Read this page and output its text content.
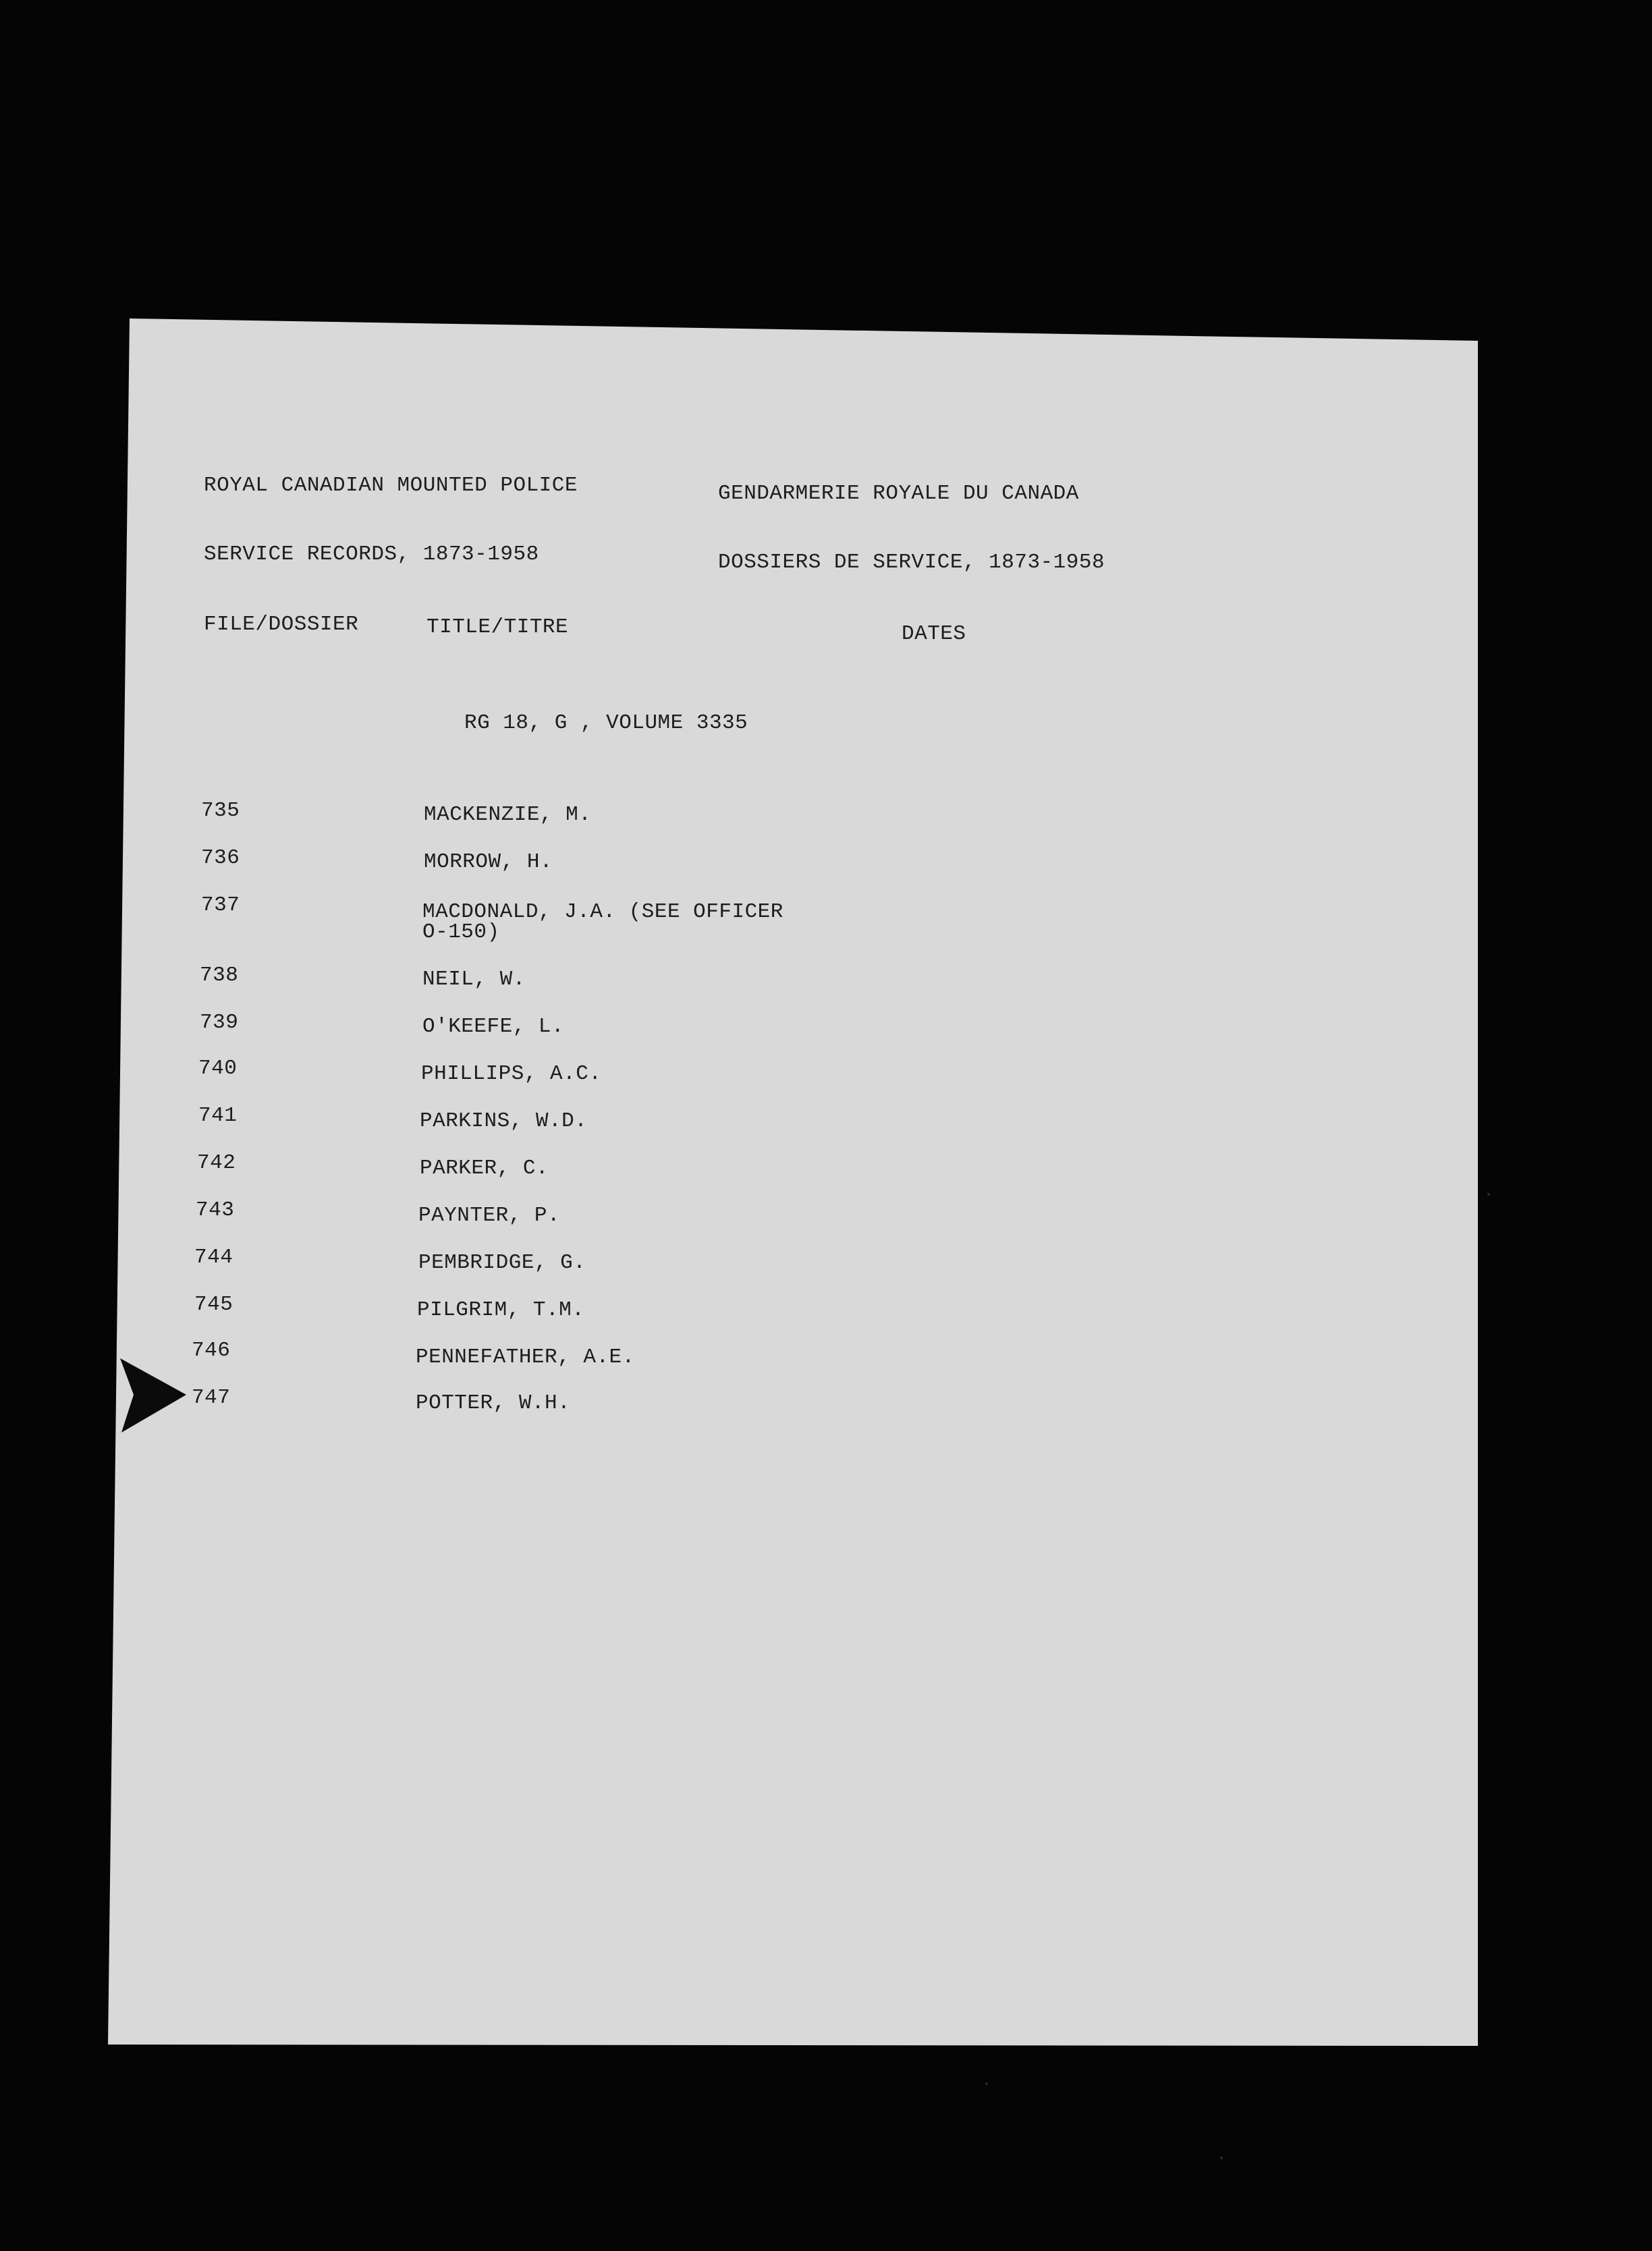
ROYAL CANADIAN MOUNTED POLICE	GENDARMERIE ROYALE DU CANADA
SERVICE RECORDS, 1873-1958	DOSSIERS DE SERVICE, 1873-1958
FILE/DOSSIER	TITLE/TITRE	DATES
RG 18, G , VOLUME 3335
735	MACKENZIE, M.
736	MORROW, H.
737	MACDONALD, J.A. (SEE OFFICER
O-150)
738	NEIL, W.
739	O'KEEFE, L.
740	PHILLIPS, A.C.
741	PARKINS, W.D.
742	PARKER, C.
743	PAYNTER, P.
744	PEMBRIDGE, G.
745	PILGRIM, T.M.
746	PENNEFATHER, A.E.
747	POTTER, W.H.
